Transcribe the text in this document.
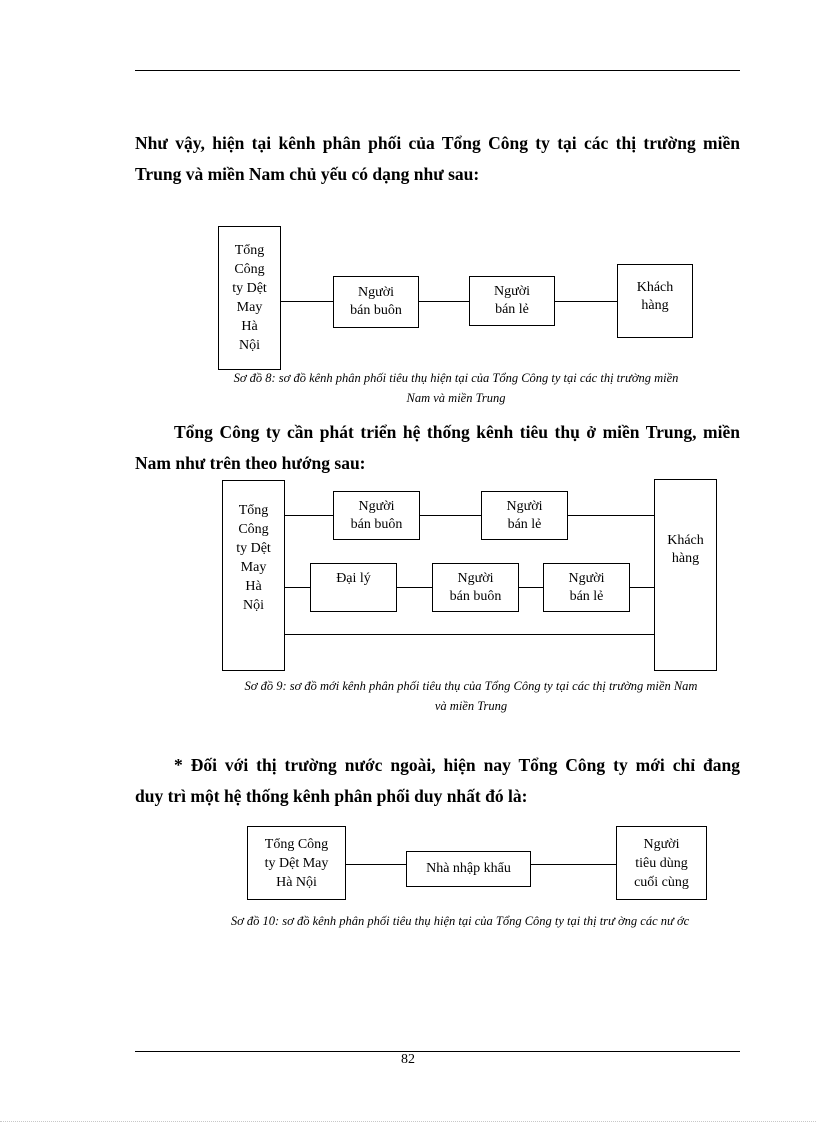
Như vậy, hiện tại kênh phân phối của Tổng Công ty tại các thị trường miền
Trung và miền Nam chủ yếu có dạng như sau:
Tổng
Công
ty Dệt
May
Hà
Nội
Người
bán buôn
Người
bán lẻ
Khách
hàng

Sơ đồ 8: sơ đồ kênh phân phối tiêu thụ hiện tại của Tổng Công ty tại các thị trường miền
Nam và miền Trung

Tổng Công ty cần phát triển hệ thống kênh tiêu thụ ở miền Trung, miền
Nam như trên theo hướng sau:
Tổng
Công
ty Dệt
May
Hà
Nội
Khách
hàng
Người
bán buôn
Người
bán lẻ
Đại lý	Người
bán buôn
Người
bán lẻ

Sơ đồ 9: sơ đồ mới kênh phân phối tiêu thụ của Tổng Công ty tại các thị trường miền Nam
và miền Trung

* Đối với thị trường nước ngoài, hiện nay Tổng Công ty mới chỉ đang
duy trì một hệ thống kênh phân phối duy nhất đó là:
Tổng Công
ty Dệt May
Hà Nội
Nhà nhập khẩu
Người
tiêu dùng
cuối cùng

Sơ đồ 10: sơ đồ kênh phân phối tiêu thụ hiện tại của Tổng Công ty tại thị trư ờng các nư ớc

82
